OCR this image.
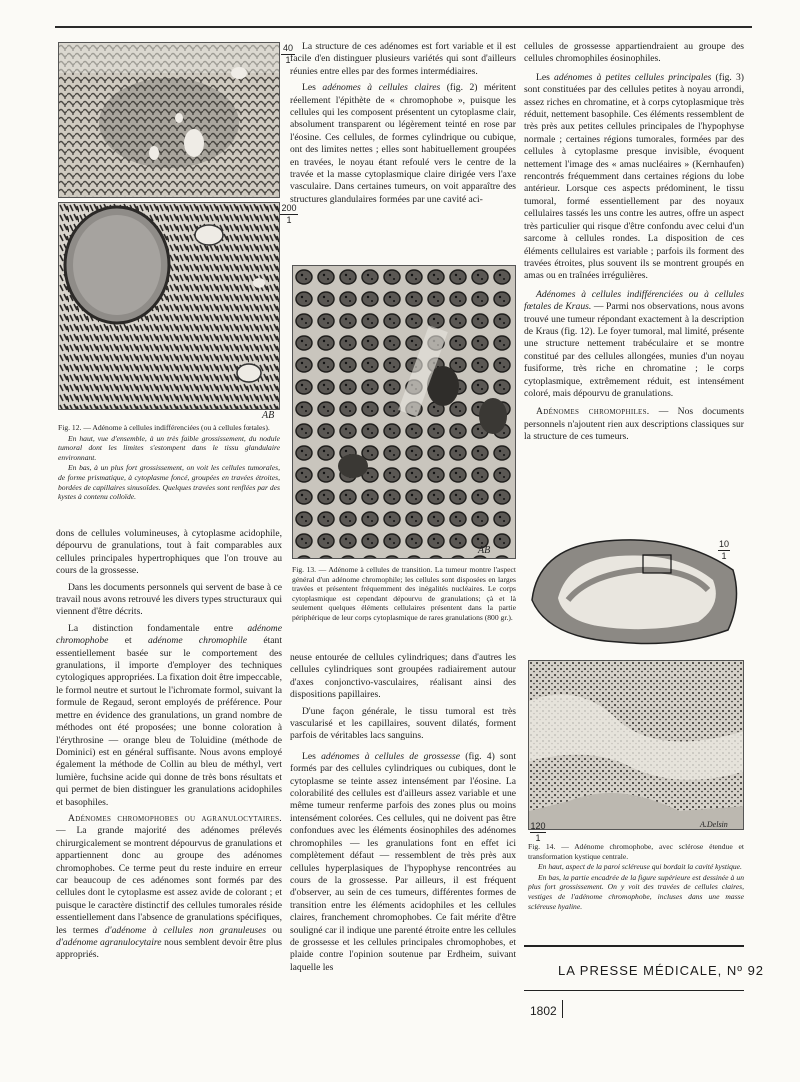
40
1
200
1
AB

Fig. 12. — Adénome à cellules indifférenciées (ou à cellules fœtales).

En haut, vue d'ensemble, à un très faible grossissement, du nodule tumoral dont les limites s'estompent dans le tissu glandulaire environnant.

En bas, à un plus fort grossissement, on voit les cellules tumorales, de forme prismatique, à cytoplasme foncé, groupées en travées étroites, bordées de capillaires sinusoïdes. Quelques travées sont renflées par des kystes à contenu colloïde.

dons de cellules volumineuses, à cytoplasme acidophile, dépourvu de granulations, tout à fait comparables aux cellules principales hypertrophiques que l'on trouve au cours de la grossesse.

Dans les documents personnels qui servent de base à ce travail nous avons retrouvé les divers types structuraux qui viennent d'être décrits.

La distinction fondamentale entre adénome chromophobe et adénome chromophile étant essentiellement basée sur le comportement des granulations, il importe d'employer des techniques cytologiques appropriées. La fixation doit être impeccable, le formol neutre et surtout le l'ichromate formol, suivant la formule de Regaud, seront employés de préférence. Pour mettre en évidence des granulations, un grand nombre de méthodes ont été proposées; une bonne coloration à l'érythrosine — orange bleu de Toluidine (méthode de Dominici) est en général suffisante. Nous avons employé également la méthode de Collin au bleu de méthyl, vert lumière, fuchsine acide qui donne de très bons résultats et qui permet de bien distinguer les granulations acidophiles et basophiles.

Adénomes chromophobes ou agranulocytaires. — La grande majorité des adénomes prélevés chirurgicalement se montrent dépourvus de granulations et appartiennent donc au groupe des adénomes chromophobes. Ce terme peut du reste induire en erreur car beaucoup de ces adénomes sont formés par des cellules dont le cytoplasme est assez avide de colorant ; et puisque le caractère distinctif des cellules tumorales réside essentiellement dans l'absence de granulations spécifiques, les termes d'adénome à cellules non granuleuses ou d'adénome agranulocytaire nous semblent devoir être plus appropriés.

La structure de ces adénomes est fort variable et il est facile d'en distinguer plusieurs variétés qui sont d'ailleurs réunies entre elles par des formes intermédiaires.

Les adénomes à cellules claires (fig. 2) méritent réellement l'épithète de « chromophobe », puisque les cellules qui les composent présentent un cytoplasme clair, absolument transparent ou légèrement teinté en rose par l'éosine. Ces cellules, de formes cylindrique ou cubique, ont des limites nettes ; elles sont habituellement groupées en travées, le noyau étant refoulé vers le centre de la travée et la masse cytoplasmique claire dirigée vers l'axe vasculaire. Dans certaines tumeurs, on voit apparaître des structures glandulaires formées par une cavité aci-

AB

Fig. 13. — Adénome à cellules de transition. La tumeur montre l'aspect général d'un adénome chromophile; les cellules sont disposées en larges travées et présentent fréquemment des inégalités nucléaires. Le corps cytoplasmique est cependant dépourvu de granulations; çà et là seulement quelques éléments cellulaires présentent dans la partie périphérique de leur corps cytoplasmique de rares granulations (800 gr.).

neuse entourée de cellules cylindriques; dans d'autres les cellules cylindriques sont groupées radiairement autour d'axes conjonctivo-vasculaires, réalisant ainsi des dispositions papillaires.

D'une façon générale, le tissu tumoral est très vascularisé et les capillaires, souvent dilatés, forment parfois de véritables lacs sanguins.

Les adénomes à cellules de grossesse (fig. 4) sont formés par des cellules cylindriques ou cubiques, dont le cytoplasme se teinte assez intensément par l'éosine. La colorabilité des cellules est d'ailleurs assez variable et une même tumeur renferme parfois des zones plus ou moins intensément colorées. Ces cellules, qui ne doivent pas être confondues avec les éléments éosinophiles des adénomes chromophiles — les granulations font en effet ici complètement défaut — ressemblent de très près aux cellules hyperplasiques de l'hypophyse rencontrées au cours de la grossesse. Par ailleurs, il est fréquent d'observer, au sein de ces tumeurs, différentes formes de transition entre les éléments acidophiles et les cellules claires, franchement chromophobes. Ce fait mérite d'être souligné car il indique une parenté étroite entre les cellules de grossesse et les cellules principales chromophobes, et plaide contre l'opinion soutenue par Erdheim, suivant laquelle les

cellules de grossesse appartiendraient au groupe des cellules chromophiles éosinophiles.

Les adénomes à petites cellules principales (fig. 3) sont constituées par des cellules petites à noyau arrondi, assez riches en chromatine, et à corps cytoplasmique très réduit, nettement basophile. Ces éléments ressemblent de très près aux petites cellules principales de l'hypophyse normale ; certaines régions tumorales, formées par des cellules à cytoplasme presque invisible, évoquent nettement l'image des « amas nucléaires » (Kernhaufen) rencontrés fréquemment dans certaines régions du lobe antérieur. Lorsque ces aspects prédominent, le tissu tumoral, formé essentiellement par des noyaux cellulaires tassés les uns contre les autres, offre un aspect très particulier qui risque d'être confondu avec celui d'un sarcome à cellules rondes. La disposition de ces éléments cellulaires est variable ; parfois ils forment des travées étroites, plus souvent ils se montrent groupés en amas ou en traînées irrégulières.

Adénomes à cellules indifférenciées ou à cellules fœtales de Kraus. — Parmi nos observations, nous avons trouvé une tumeur répondant exactement à la description de Kraus (fig. 12). Le foyer tumoral, mal limité, présente une structure nettement trabéculaire et se montre constitué par des cellules allongées, munies d'un noyau fusiforme, très riche en chromatine ; le corps cytoplasmique, extrêmement réduit, est intensément coloré, mais dépourvu de granulations.

Adénomes chromophiles. — Nos documents personnels n'ajoutent rien aux descriptions classiques sur la structure de ces tumeurs.

10
1
120
1
A.Delsin

Fig. 14. — Adénome chromophobe, avec sclérose étendue et transformation kystique centrale.

En haut, aspect de la paroi scléreuse qui bordait la cavité kystique.

En bas, la partie encadrée de la figure supérieure est dessinée à un plus fort grossissement. On y voit des travées de cellules claires, vestiges de l'adénome chromophobe, incluses dans une masse scléreuse hyaline.

LA PRESSE MÉDICALE, Nº 92
1802
